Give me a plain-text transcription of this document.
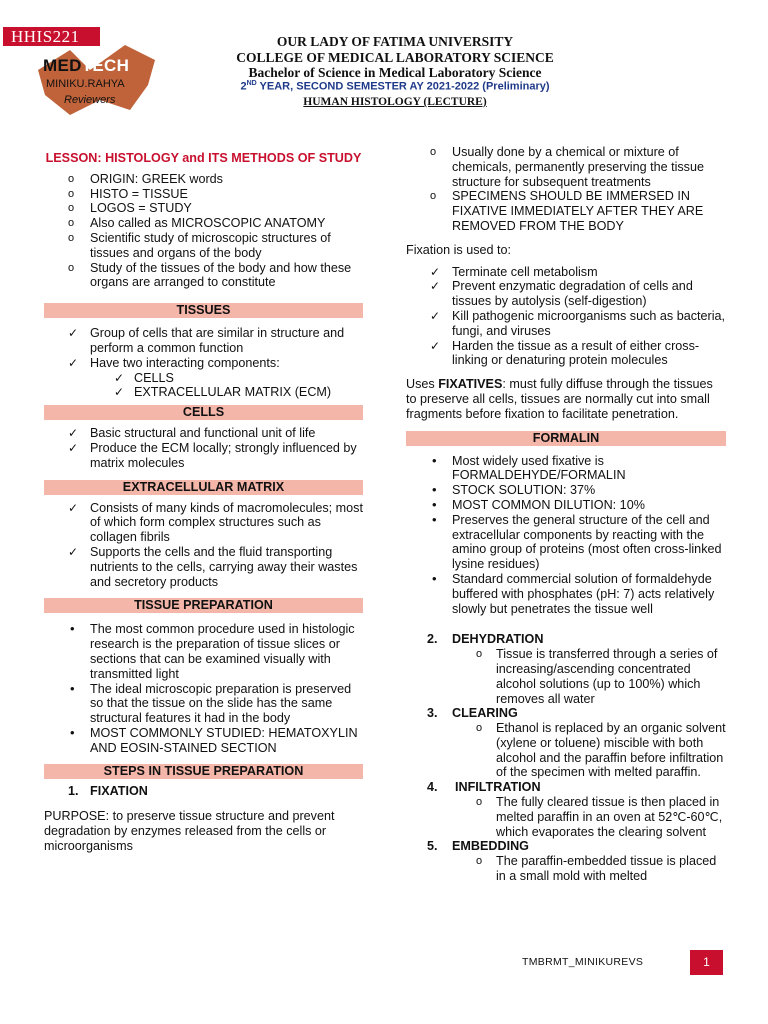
HHIS221
MEDTECH
MINIKU.RAHYA
Reviewers
OUR LADY OF FATIMA UNIVERSITY
COLLEGE OF MEDICAL LABORATORY SCIENCE
Bachelor of Science in Medical Laboratory Science
2ND YEAR, SECOND SEMESTER AY 2021-2022 (Preliminary)
HUMAN HISTOLOGY (LECTURE)
LESSON: HISTOLOGY and ITS METHODS OF STUDY
o ORIGIN: GREEK words
o HISTO = TISSUE
o LOGOS = STUDY
o Also called as MICROSCOPIC ANATOMY
o Scientific study of microscopic structures of tissues and organs of the body
o Study of the tissues of the body and how these organs are arranged to constitute
TISSUES
✓ Group of cells that are similar in structure and perform a common function
✓ Have two interacting components:
✓ CELLS
✓ EXTRACELLULAR MATRIX (ECM)
CELLS
✓ Basic structural and functional unit of life
✓ Produce the ECM locally; strongly influenced by matrix molecules
EXTRACELLULAR MATRIX
✓ Consists of many kinds of macromolecules; most of which form complex structures such as collagen fibrils
✓ Supports the cells and the fluid transporting nutrients to the cells, carrying away their wastes and secretory products
TISSUE PREPARATION
• The most common procedure used in histologic research is the preparation of tissue slices or sections that can be examined visually with transmitted light
• The ideal microscopic preparation is preserved so that the tissue on the slide has the same structural features it had in the body
• MOST COMMONLY STUDIED: HEMATOXYLIN AND EOSIN-STAINED SECTION
STEPS IN TISSUE PREPARATION
1. FIXATION
PURPOSE: to preserve tissue structure and prevent degradation by enzymes released from the cells or microorganisms
o Usually done by a chemical or mixture of chemicals, permanently preserving the tissue structure for subsequent treatments
o SPECIMENS SHOULD BE IMMERSED IN FIXATIVE IMMEDIATELY AFTER THEY ARE REMOVED FROM THE BODY
Fixation is used to:
✓ Terminate cell metabolism
✓ Prevent enzymatic degradation of cells and tissues by autolysis (self-digestion)
✓ Kill pathogenic microorganisms such as bacteria, fungi, and viruses
✓ Harden the tissue as a result of either cross-linking or denaturing protein molecules
Uses FIXATIVES: must fully diffuse through the tissues to preserve all cells, tissues are normally cut into small fragments before fixation to facilitate penetration.
FORMALIN
• Most widely used fixative is FORMALDEHYDE/FORMALIN
• STOCK SOLUTION: 37%
• MOST COMMON DILUTION: 10%
• Preserves the general structure of the cell and extracellular components by reacting with the amino group of proteins (most often cross-linked lysine residues)
• Standard commercial solution of formaldehyde buffered with phosphates (pH: 7) acts relatively slowly but penetrates the tissue well
2. DEHYDRATION
o Tissue is transferred through a series of increasing/ascending concentrated alcohol solutions (up to 100%) which removes all water
3. CLEARING
o Ethanol is replaced by an organic solvent (xylene or toluene) miscible with both alcohol and the paraffin before infiltration of the specimen with melted paraffin.
4. INFILTRATION
o The fully cleared tissue is then placed in melted paraffin in an oven at 52℃-60℃, which evaporates the clearing solvent
5. EMBEDDING
o The paraffin-embedded tissue is placed in a small mold with melted
TMBRMT_MINIKUREVS	1
